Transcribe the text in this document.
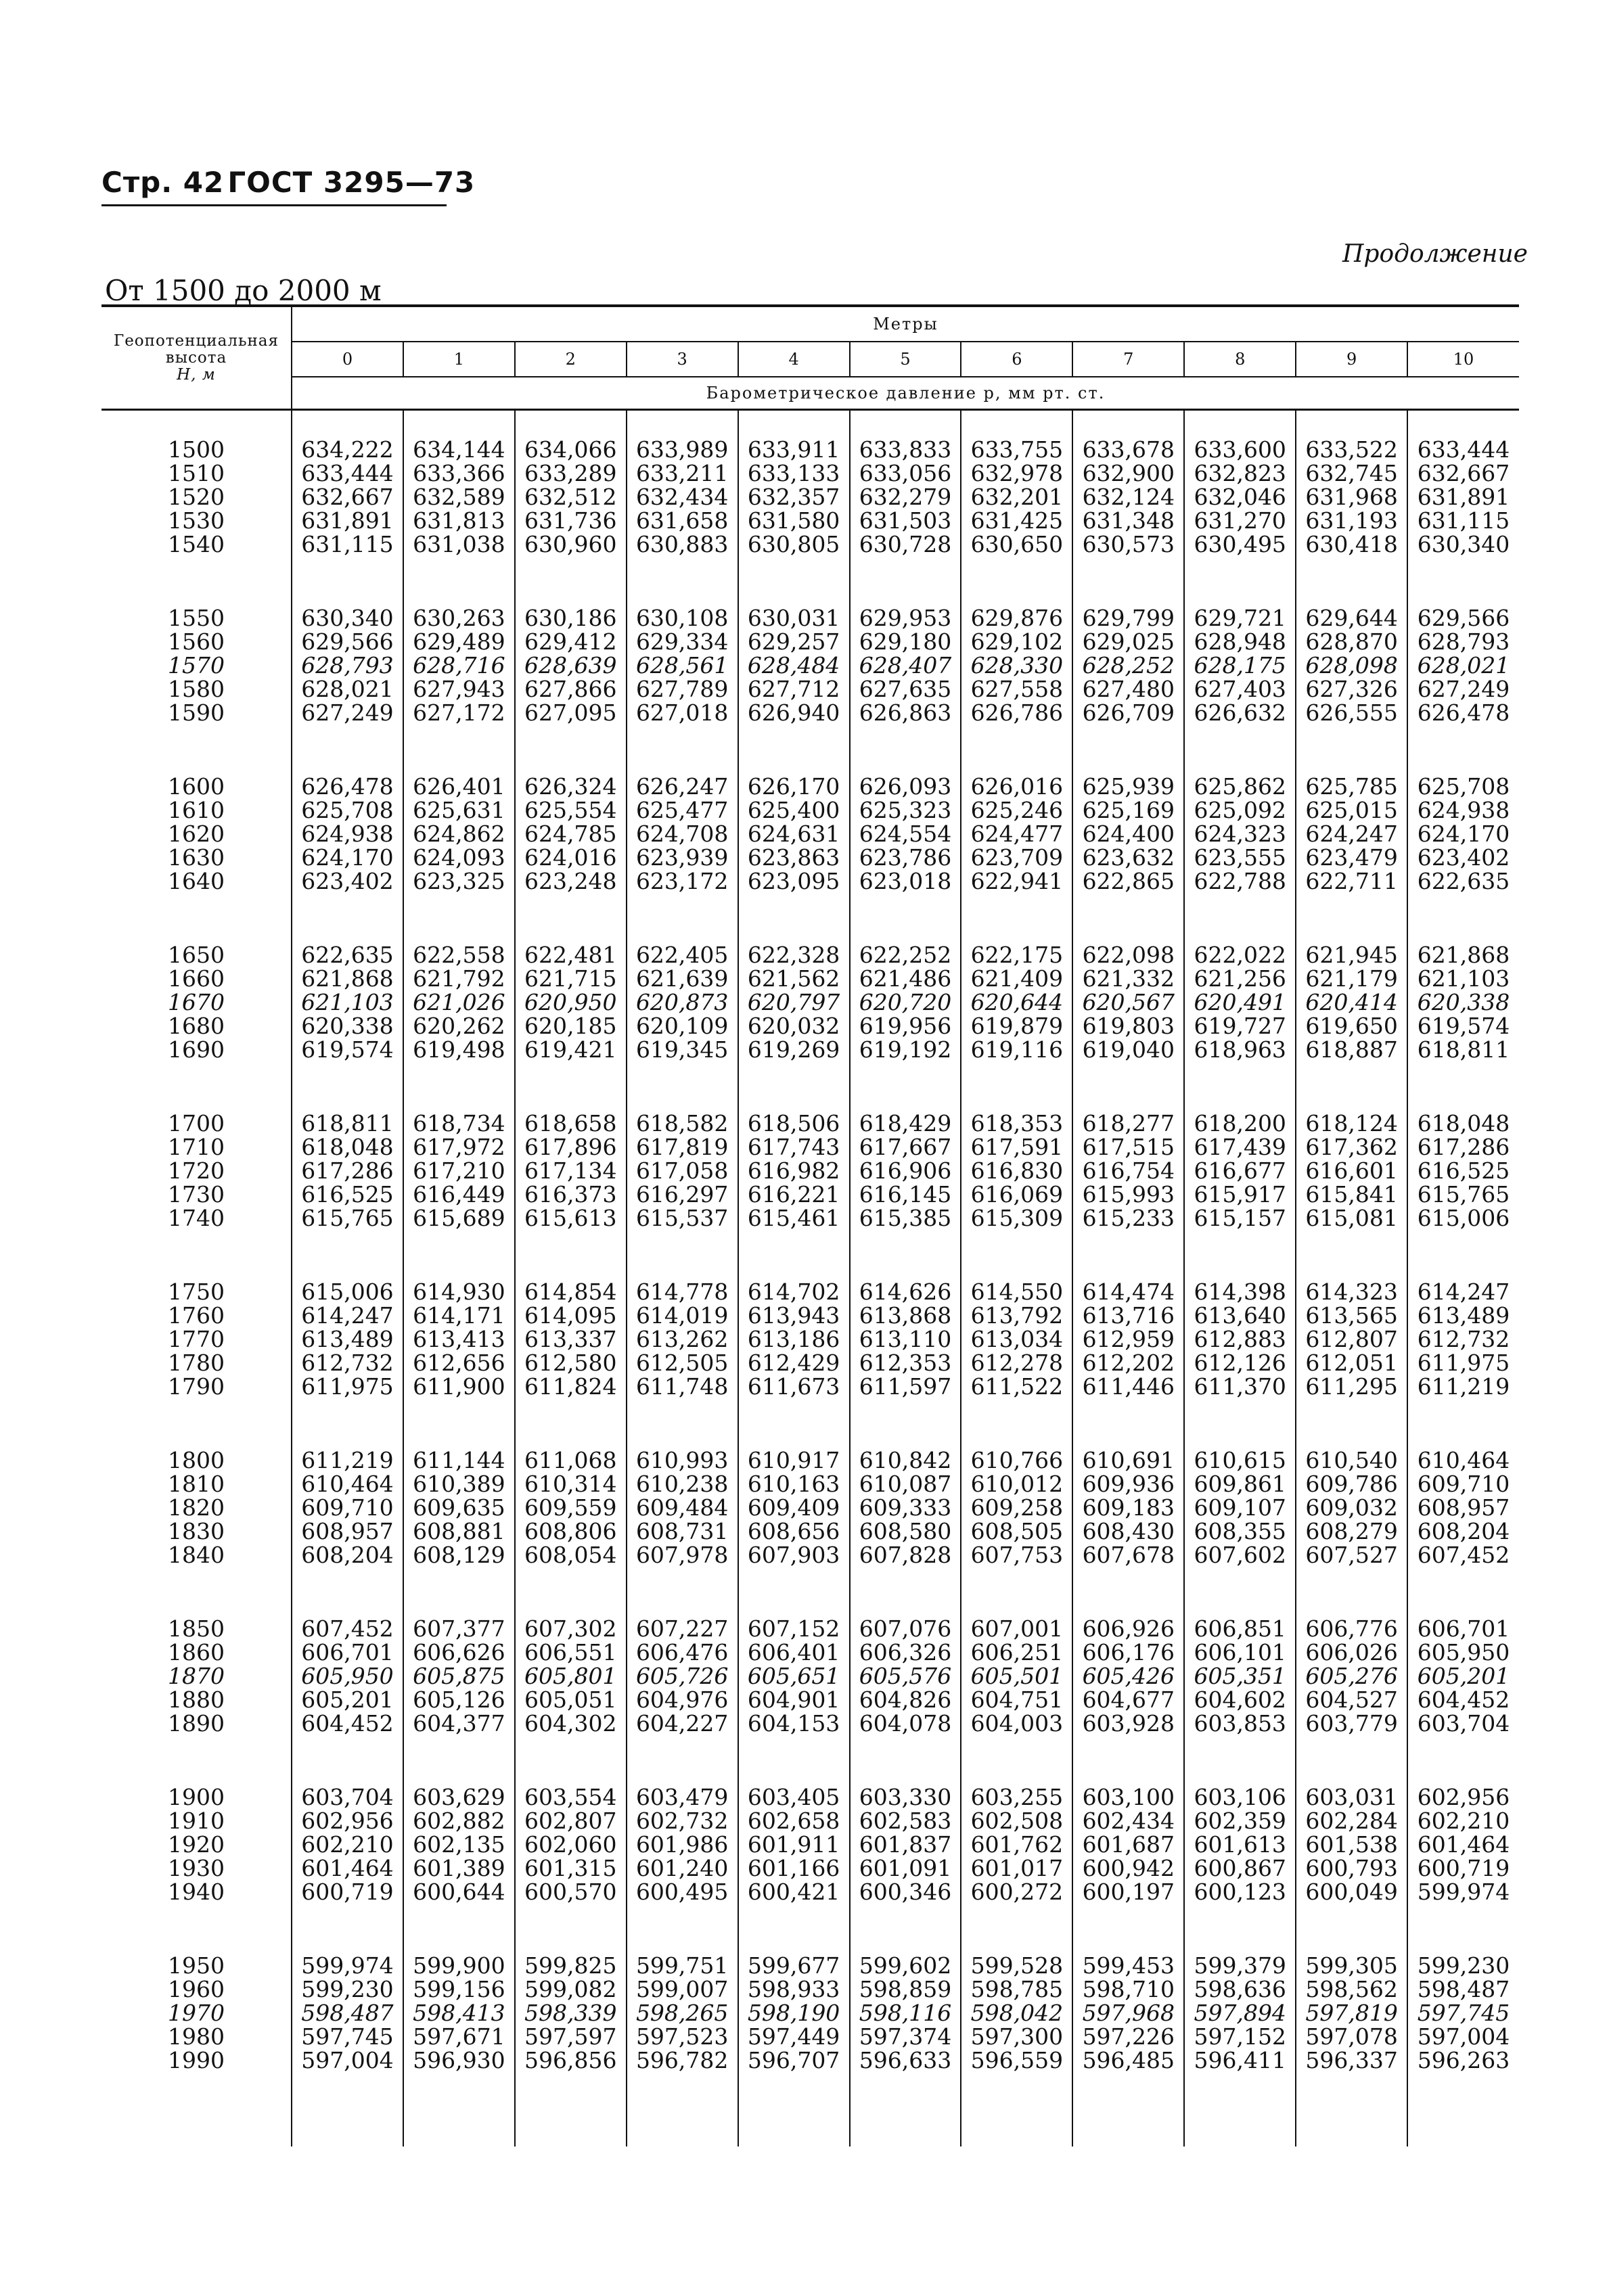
Стр. 42 ГОСТ 3295—73
Продолжение
От 1500 до 2000 м
Геопотенциальная
высота
H, м	Метры										
	0	1	2	3	4	5	6	7	8	9	10
	Барометрическое давление p, мм рт. ст.										
1500	634,222	634,144	634,066	633,989	633,911	633,833	633,755	633,678	633,600	633,522	633,444
1510	633,444	633,366	633,289	633,211	633,133	633,056	632,978	632,900	632,823	632,745	632,667
1520	632,667	632,589	632,512	632,434	632,357	632,279	632,201	632,124	632,046	631,968	631,891
1530	631,891	631,813	631,736	631,658	631,580	631,503	631,425	631,348	631,270	631,193	631,115
1540	631,115	631,038	630,960	630,883	630,805	630,728	630,650	630,573	630,495	630,418	630,340
1550	630,340	630,263	630,186	630,108	630,031	629,953	629,876	629,799	629,721	629,644	629,566
1560	629,566	629,489	629,412	629,334	629,257	629,180	629,102	629,025	628,948	628,870	628,793
1570	628,793	628,716	628,639	628,561	628,484	628,407	628,330	628,252	628,175	628,098	628,021
1580	628,021	627,943	627,866	627,789	627,712	627,635	627,558	627,480	627,403	627,326	627,249
1590	627,249	627,172	627,095	627,018	626,940	626,863	626,786	626,709	626,632	626,555	626,478
1600	626,478	626,401	626,324	626,247	626,170	626,093	626,016	625,939	625,862	625,785	625,708
1610	625,708	625,631	625,554	625,477	625,400	625,323	625,246	625,169	625,092	625,015	624,938
1620	624,938	624,862	624,785	624,708	624,631	624,554	624,477	624,400	624,323	624,247	624,170
1630	624,170	624,093	624,016	623,939	623,863	623,786	623,709	623,632	623,555	623,479	623,402
1640	623,402	623,325	623,248	623,172	623,095	623,018	622,941	622,865	622,788	622,711	622,635
1650	622,635	622,558	622,481	622,405	622,328	622,252	622,175	622,098	622,022	621,945	621,868
1660	621,868	621,792	621,715	621,639	621,562	621,486	621,409	621,332	621,256	621,179	621,103
1670	621,103	621,026	620,950	620,873	620,797	620,720	620,644	620,567	620,491	620,414	620,338
1680	620,338	620,262	620,185	620,109	620,032	619,956	619,879	619,803	619,727	619,650	619,574
1690	619,574	619,498	619,421	619,345	619,269	619,192	619,116	619,040	618,963	618,887	618,811
1700	618,811	618,734	618,658	618,582	618,506	618,429	618,353	618,277	618,200	618,124	618,048
1710	618,048	617,972	617,896	617,819	617,743	617,667	617,591	617,515	617,439	617,362	617,286
1720	617,286	617,210	617,134	617,058	616,982	616,906	616,830	616,754	616,677	616,601	616,525
1730	616,525	616,449	616,373	616,297	616,221	616,145	616,069	615,993	615,917	615,841	615,765
1740	615,765	615,689	615,613	615,537	615,461	615,385	615,309	615,233	615,157	615,081	615,006
1750	615,006	614,930	614,854	614,778	614,702	614,626	614,550	614,474	614,398	614,323	614,247
1760	614,247	614,171	614,095	614,019	613,943	613,868	613,792	613,716	613,640	613,565	613,489
1770	613,489	613,413	613,337	613,262	613,186	613,110	613,034	612,959	612,883	612,807	612,732
1780	612,732	612,656	612,580	612,505	612,429	612,353	612,278	612,202	612,126	612,051	611,975
1790	611,975	611,900	611,824	611,748	611,673	611,597	611,522	611,446	611,370	611,295	611,219
1800	611,219	611,144	611,068	610,993	610,917	610,842	610,766	610,691	610,615	610,540	610,464
1810	610,464	610,389	610,314	610,238	610,163	610,087	610,012	609,936	609,861	609,786	609,710
1820	609,710	609,635	609,559	609,484	609,409	609,333	609,258	609,183	609,107	609,032	608,957
1830	608,957	608,881	608,806	608,731	608,656	608,580	608,505	608,430	608,355	608,279	608,204
1840	608,204	608,129	608,054	607,978	607,903	607,828	607,753	607,678	607,602	607,527	607,452
1850	607,452	607,377	607,302	607,227	607,152	607,076	607,001	606,926	606,851	606,776	606,701
1860	606,701	606,626	606,551	606,476	606,401	606,326	606,251	606,176	606,101	606,026	605,950
1870	605,950	605,875	605,801	605,726	605,651	605,576	605,501	605,426	605,351	605,276	605,201
1880	605,201	605,126	605,051	604,976	604,901	604,826	604,751	604,677	604,602	604,527	604,452
1890	604,452	604,377	604,302	604,227	604,153	604,078	604,003	603,928	603,853	603,779	603,704
1900	603,704	603,629	603,554	603,479	603,405	603,330	603,255	603,100	603,106	603,031	602,956
1910	602,956	602,882	602,807	602,732	602,658	602,583	602,508	602,434	602,359	602,284	602,210
1920	602,210	602,135	602,060	601,986	601,911	601,837	601,762	601,687	601,613	601,538	601,464
1930	601,464	601,389	601,315	601,240	601,166	601,091	601,017	600,942	600,867	600,793	600,719
1940	600,719	600,644	600,570	600,495	600,421	600,346	600,272	600,197	600,123	600,049	599,974
1950	599,974	599,900	599,825	599,751	599,677	599,602	599,528	599,453	599,379	599,305	599,230
1960	599,230	599,156	599,082	599,007	598,933	598,859	598,785	598,710	598,636	598,562	598,487
1970	598,487	598,413	598,339	598,265	598,190	598,116	598,042	597,968	597,894	597,819	597,745
1980	597,745	597,671	597,597	597,523	597,449	597,374	597,300	597,226	597,152	597,078	597,004
1990	597,004	596,930	596,856	596,782	596,707	596,633	596,559	596,485	596,411	596,337	596,263
